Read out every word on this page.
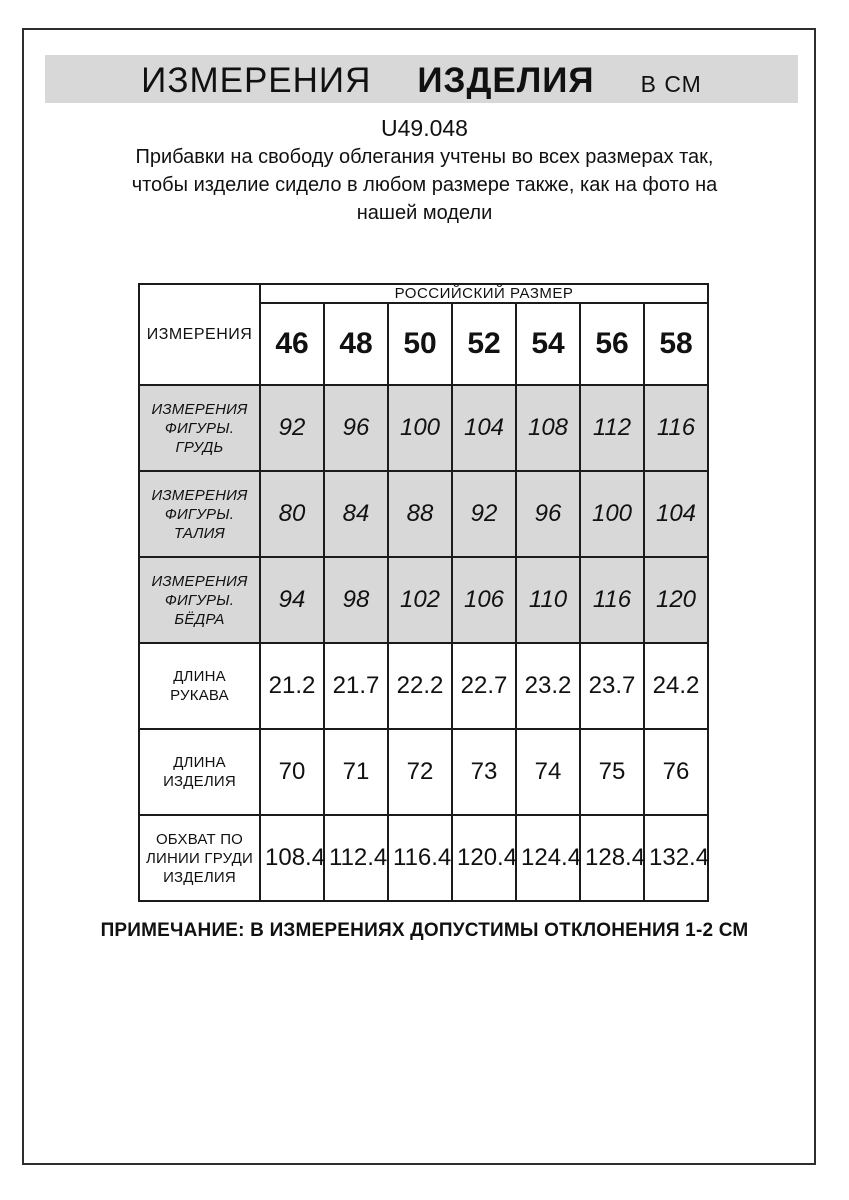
ИЗМЕРЕНИЯ ИЗДЕЛИЯ В СМ
U49.048
Прибавки на свободу облегания учтены во всех размерах так, чтобы изделие сидело в любом размере также, как на фото на нашей модели
ИЗМЕРЕНИЯ	РОССИЙСКИЙ РАЗМЕР						
	46	48	50	52	54	56	58
ИЗМЕРЕНИЯ ФИГУРЫ. ГРУДЬ	92	96	100	104	108	112	116
ИЗМЕРЕНИЯ ФИГУРЫ. ТАЛИЯ	80	84	88	92	96	100	104
ИЗМЕРЕНИЯ ФИГУРЫ. БЁДРА	94	98	102	106	110	116	120
ДЛИНА РУКАВА	21.2	21.7	22.2	22.7	23.2	23.7	24.2
ДЛИНА ИЗДЕЛИЯ	70	71	72	73	74	75	76
ОБХВАТ ПО ЛИНИИ ГРУДИ ИЗДЕЛИЯ	108.4	112.4	116.4	120.4	124.4	128.4	132.4
ПРИМЕЧАНИЕ: В ИЗМЕРЕНИЯХ ДОПУСТИМЫ ОТКЛОНЕНИЯ 1-2 СМ
